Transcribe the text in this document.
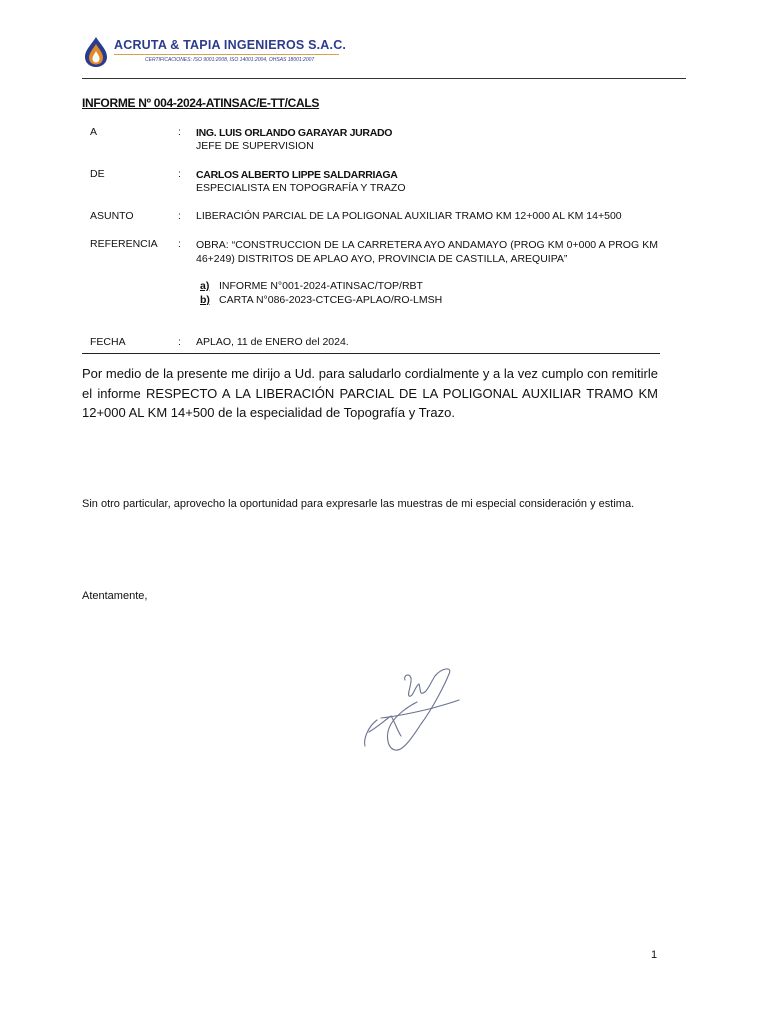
ACRUTA & TAPIA INGENIEROS S.A.C.
CERTIFICACIONES: ISO 9001:2008, ISO 14001:2004, OHSAS 18001:2007
INFORME Nº 004-2024-ATINSAC/E-TT/CALS
A	: ING. LUIS ORLANDO GARAYAR JURADO
JEFE DE SUPERVISION
DE	: CARLOS ALBERTO LIPPE SALDARRIAGA
ESPECIALISTA EN TOPOGRAFÍA Y TRAZO
ASUNTO	: LIBERACIÓN PARCIAL DE LA POLIGONAL AUXILIAR TRAMO KM 12+000 AL KM 14+500
REFERENCIA : OBRA: “CONSTRUCCION DE LA CARRETERA AYO ANDAMAYO (PROG KM 0+000 A PROG KM 46+249) DISTRITOS DE APLAO AYO, PROVINCIA DE CASTILLA, AREQUIPA”
a) INFORME N°001-2024-ATINSAC/TOP/RBT
b) CARTA N°086-2023-CTCEG-APLAO/RO-LMSH
FECHA	: APLAO, 11 de ENERO del 2024.
Por medio de la presente me dirijo a Ud. para saludarlo cordialmente y a la vez cumplo con remitirle el informe RESPECTO A LA LIBERACIÓN PARCIAL DE LA POLIGONAL AUXILIAR TRAMO KM 12+000 AL KM 14+500 de la especialidad de Topografía y Trazo.
Sin otro particular, aprovecho la oportunidad para expresarle las muestras de mi especial consideración y estima.
Atentamente,
1
